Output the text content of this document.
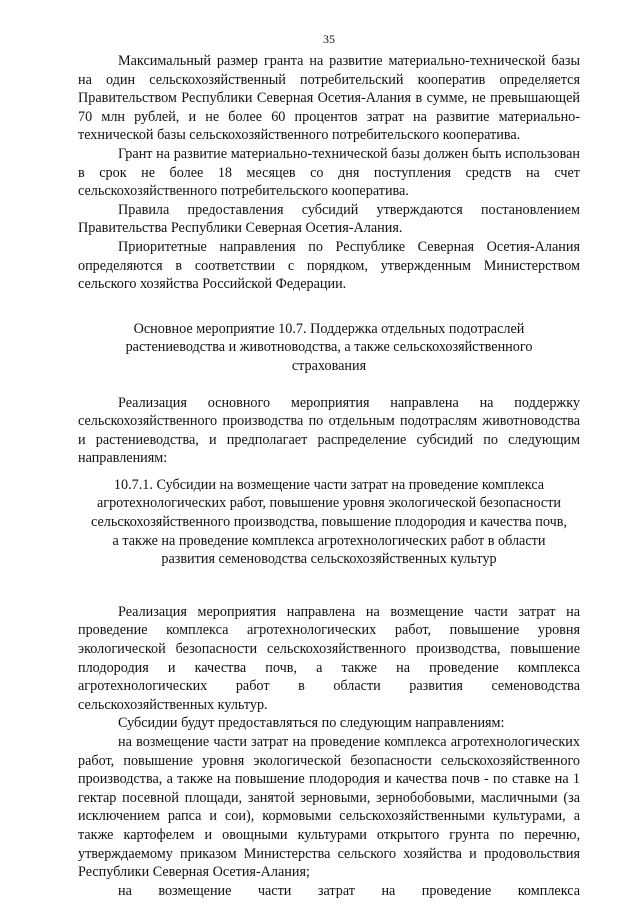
35

Максимальный размер гранта на развитие материально-технической базы на один сельскохозяйственный потребительский кооператив определяется Правительством Республики Северная Осетия-Алания в сумме, не превышающей 70 млн рублей, и не более 60 процентов затрат на развитие материально-технической базы сельскохозяйственного потребительского кооператива.

Грант на развитие материально-технической базы должен быть использован в срок не более 18 месяцев со дня поступления средств на счет сельскохозяйственного потребительского кооператива.

Правила предоставления субсидий утверждаются постановлением Правительства Республики Северная Осетия-Алания.

Приоритетные направления по Республике Северная Осетия-Алания определяются в соответствии с порядком, утвержденным Министерством сельского хозяйства Российской Федерации.

Основное мероприятие 10.7. Поддержка отдельных подотраслей растениеводства и животноводства, а также сельскохозяйственного страхования

Реализация основного мероприятия направлена на поддержку сельскохозяйственного производства по отдельным подотраслям животноводства и растениеводства, и предполагает распределение субсидий по следующим направлениям:

10.7.1. Субсидии на возмещение части затрат на проведение комплекса агротехнологических работ, повышение уровня экологической безопасности сельскохозяйственного производства, повышение плодородия и качества почв, а также на проведение комплекса агротехнологических работ в области развития семеноводства сельскохозяйственных культур

Реализация мероприятия направлена на возмещение части затрат на проведение комплекса агротехнологических работ, повышение уровня экологической безопасности сельскохозяйственного производства, повышение плодородия и качества почв, а также на проведение комплекса агротехнологических работ в области развития семеноводства сельскохозяйственных культур.

Субсидии будут предоставляться по следующим направлениям:

на возмещение части затрат на проведение комплекса агротехнологических работ, повышение уровня экологической безопасности сельскохозяйственного производства, а также на повышение плодородия и качества почв - по ставке на 1 гектар посевной площади, занятой зерновыми, зернобобовыми, масличными (за исключением рапса и сои), кормовыми сельскохозяйственными культурами, а также картофелем и овощными культурами открытого грунта по перечню, утверждаемому приказом Министерства сельского хозяйства и продовольствия Республики Северная Осетия-Алания;

на возмещение части затрат на проведение комплекса
